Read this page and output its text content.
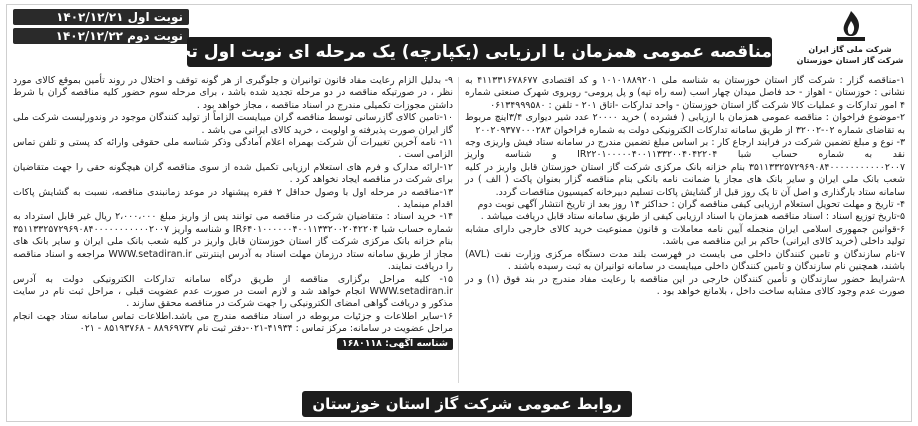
نوبت اول ۱۴۰۲/۱۲/۲۱
نوبت دوم ۱۴۰۲/۱۲/۲۲
مناقصه عمومی همزمان با ارزیابی (یکپارچه) یک مرحله ای نوبت اول تجدید مناقصه	شرکت ملی گاز ایران
شرکت گاز استان خوزستان

۱-مناقصه گزار : شرکت گاز استان خوزستان به شناسه ملی ۱۰۱۰۱۸۸۹۲۰۱ و کد اقتصادی ۴۱۱۳۳۱۶۷۸۶۷۷ به نشانی : خوزستان - اهواز - حد فاصل میدان چهار اسب (سه راه تپه) و پل پرومی- روبروی شهرک صنعتی شماره ۴ امور تدارکات و عملیات کالا شرکت گاز استان خوزستان - واحد تدارکات -اتاق ۲۰۱ - تلفن : ۰۶۱۳۴۹۹۹۵۸۰

۲-موضوع فراخوان : مناقصه عمومی همزمان با ارزیابی ( فشرده ) خرید ۲۰۰۰۰ عدد شیر دیواری ۳/۴اینچ مربوط به تقاضای شماره ۰۲-۳۲۰۰۲ از طریق سامانه تدارکات الکترونیکی دولت به شماره فراخوان ۲۰۰۲۰۹۳۷۷۰۰۰۲۸۳

۳- نوع و مبلغ تضمین شرکت در فرایند ارجاع کار : بر اساس مبلغ تضمین مندرج در سامانه ستاد فیش واریزی وجه نقد به شماره حساب شبا IR۲۲۰۱۰۰۰۰۰۴۰۰۱۱۳۳۲۰۰۴۰۴۲۲۰۴ و شناسه واریز ۳۵۱۱۳۳۲۵۷۲۹۶۹۰۸۴۰۰۰۰۰۰۰۰۰۰۰۲۰۰۷ بنام خزانه بانک مرکزی شرکت گاز استان خوزستان قابل واریز در کلیه شعب بانک ملی ایران و سایر بانک های مجاز یا ضمانت نامه بانکی بنام مناقصه گزار بعنوان پاکت ( الف ) در سامانه ستاد بارگذاری و اصل آن تا یک روز قبل از گشایش پاکات تسلیم دبیرخانه کمیسیون مناقصات گردد.

۴- تاریخ و مهلت تحویل استعلام ارزیابی کیفی مناقصه گران : حداکثر ۱۴ روز بعد از تاریخ انتشار آگهی نوبت دوم

۵-تاریخ توزیع اسناد : اسناد مناقصه همزمان با اسناد ارزیابی کیفی از طریق سامانه ستاد قابل دریافت میباشد .

۶-قوانین جمهوری اسلامی ایران منجمله آیین نامه معاملات و قانون ممنوعیت خرید کالای خارجی دارای مشابه تولید داخلی (خرید کالای ایرانی) حاکم بر این مناقصه می باشد.

۷-نام سازندگان و تامین کنندگان داخلی می بایست در فهرست بلند مدت دستگاه مرکزی وزارت نفت (AVL) باشند، همچنین نام سازندگان و تامین کنندگان داخلی میبایست در سامانه توانیران به ثبت رسیده باشند .

۸-شرایط حضور سازندگان و تأمین کنندگان خارجی در این مناقصه با رعایت مفاد مندرج در بند فوق (۱) و در صورت عدم وجود کالای مشابه ساخت داخل ، بلامانع خواهد بود .

۹- بدلیل الزام رعایت مفاد قانون توانیران و جلوگیری از هر گونه توقف و اختلال در روند تأمین بموقع کالای مورد نظر ، در صورتیکه مناقصه در دو مرحله تجدید شده باشد ، برای مرحله سوم حضور کلیه مناقصه گران با شرط داشتن مجوزات تکمیلی مندرج در اسناد مناقصه ، مجاز خواهد بود .

۱۰-تامین کالای گازرسانی توسط مناقصه گران میبایست الزاماً از تولید کنندگان موجود در وندورلیست شرکت ملی گاز ایران صورت پذیرفته و اولویت ، خرید کالای ایرانی می باشد .

۱۱- نامه آخرین تغییرات آن شرکت بهمراه اعلام آمادگی وذکر شناسه ملی حقوقی وارائه کد پستی و تلفن تماس الزامی است .

۱۲-ارائه مدارک و فرم های استعلام ارزیابی تکمیل شده از سوی مناقصه گران هیچگونه حقی را جهت متقاضیان برای شرکت در مناقصه ایجاد نخواهد کرد .

۱۳-مناقصه در مرحله اول با وصول حداقل ۲ فقره پیشنهاد در موعد زمانبندی مناقصه، نسبت به گشایش پاکات اقدام مینماید .

۱۴- خرید اسناد : متقاضیان شرکت در مناقصه می توانند پس از واریز مبلغ ۲،۰۰۰،۰۰۰ ریال غیر قابل استرداد به شماره حساب شبا IR۶۴۰۱۰۰۰۰۰۰۴۰۰۱۱۳۳۲۰۰۲۰۴۲۲۰۴ و شناسه واریز ۳۵۱۱۳۳۲۵۷۲۹۶۹۰۸۴۰۰۰۰۰۰۰۰۰۰۰۲۰۰۷ بنام خزانه بانک مرکزی شرکت گاز استان خوزستان قابل واریز در کلیه شعب بانک ملی ایران و سایر بانک های مجاز از طریق سامانه ستاد درزمان مهلت اسناد به آدرس اینترنتی WWW.setadiran.ir مراجعه و اسناد مناقصه را دریافت نمایند.

۱۵- کلیه مراحل برگزاری مناقصه از طریق درگاه سامانه تدارکات الکترونیکی دولت به آدرس WWW.setadiran.ir انجام خواهد شد و لازم است در صورت عدم عضویت قبلی ، مراحل ثبت نام در سایت مذکور و دریافت گواهی امضای الکترونیکی را جهت شرکت در مناقصه محقق سازند .

۱۶-سایر اطلاعات و جزئیات مربوطه در اسناد مناقصه مندرج می باشد.اطلاعات تماس سامانه ستاد جهت انجام مراحل عضویت در سامانه: مرکز تماس : ۴۱۹۳۴-۰۲۱-دفتر ثبت نام ۸۸۹۶۹۷۳۷ - ۸۵۱۹۳۷۶۸ - ۰۲۱

شناسه آگهی: ۱۶۸۰۱۱۸
روابط عمومی شرکت گاز استان خوزستان
